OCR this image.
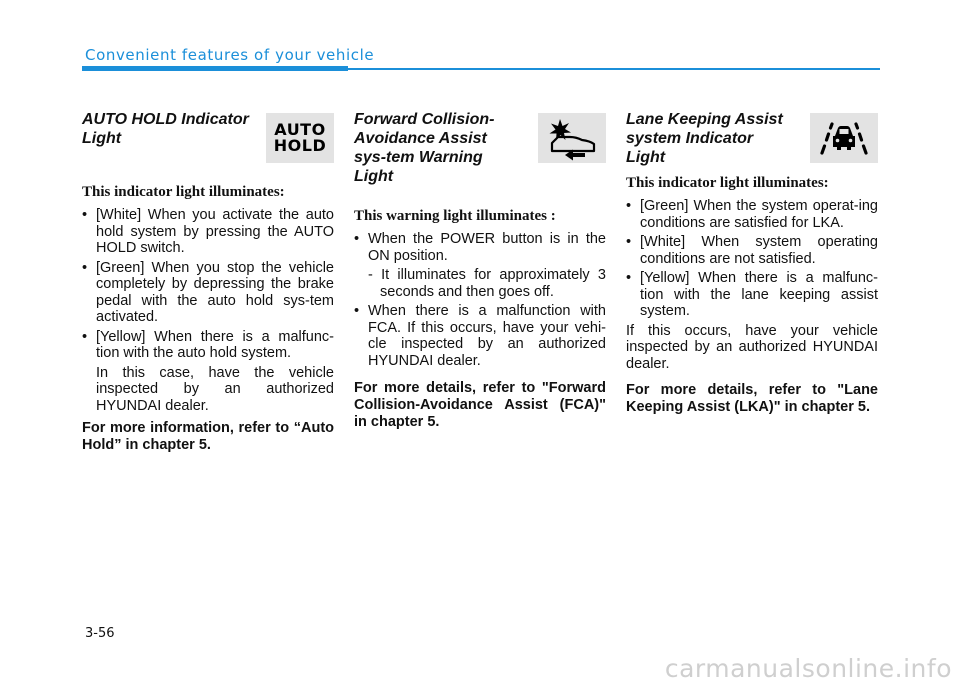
Convenient features of your vehicle
AUTO HOLD Indicator Light	AUTO
HOLD

This indicator light illuminates:

• [White] When you activate the auto hold system by pressing the AUTO HOLD switch.
• [Green] When you stop the vehicle completely by depressing the brake pedal with the auto hold sys-tem activated.
• [Yellow] When there is a malfunc-tion with the auto hold system.

In this case, have the vehicle inspected by an authorized HYUNDAI dealer.

For more information, refer to “Auto Hold” in chapter 5.

Forward Collision-Avoidance Assist sys-tem Warning Light

This warning light illuminates :

• When the POWER button is in the ON position.

- It illuminates for approximately 3 seconds and then goes off.

• When there is a malfunction with FCA. If this occurs, have your vehi-cle inspected by an authorized HYUNDAI dealer.

For more details, refer to "Forward Collision-Avoidance Assist (FCA)" in chapter 5.

Lane Keeping Assist system Indicator Light

This indicator light illuminates:

• [Green] When the system operat-ing conditions are satisfied for LKA.
• [White] When system operating conditions are not satisfied.
• [Yellow] When there is a malfunc-tion with the lane keeping assist system.

If this occurs, have your vehicle inspected by an authorized HYUNDAI dealer.

For more details, refer to "Lane Keeping Assist (LKA)" in chapter 5.

3-56
carmanualsonline.info
